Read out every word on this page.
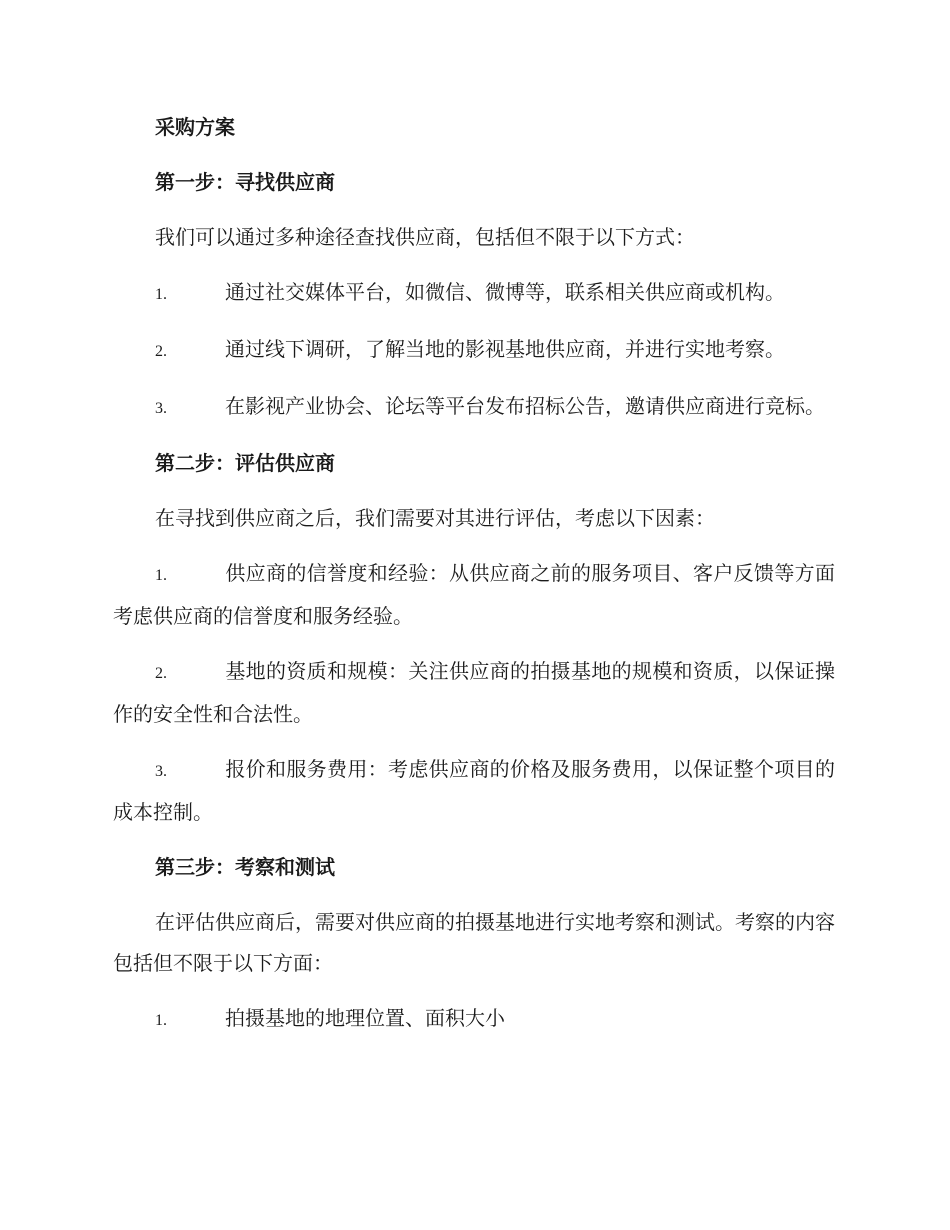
采购方案
第一步：寻找供应商

我们可以通过多种途径查找供应商，包括但不限于以下方式：

1.	通过社交媒体平台，如微信、微博等，联系相关供应商或机构。

2.	通过线下调研，了解当地的影视基地供应商，并进行实地考察。

3.	在影视产业协会、论坛等平台发布招标公告，邀请供应商进行竞标。

第二步：评估供应商

在寻找到供应商之后，我们需要对其进行评估，考虑以下因素：

1.	供应商的信誉度和经验：从供应商之前的服务项目、客户反馈等方面考虑供应商的信誉度和服务经验。

2.	基地的资质和规模：关注供应商的拍摄基地的规模和资质，以保证操作的安全性和合法性。

3.	报价和服务费用：考虑供应商的价格及服务费用，以保证整个项目的成本控制。

第三步：考察和测试

在评估供应商后，需要对供应商的拍摄基地进行实地考察和测试。考察的内容包括但不限于以下方面：

1.	拍摄基地的地理位置、面积大小
